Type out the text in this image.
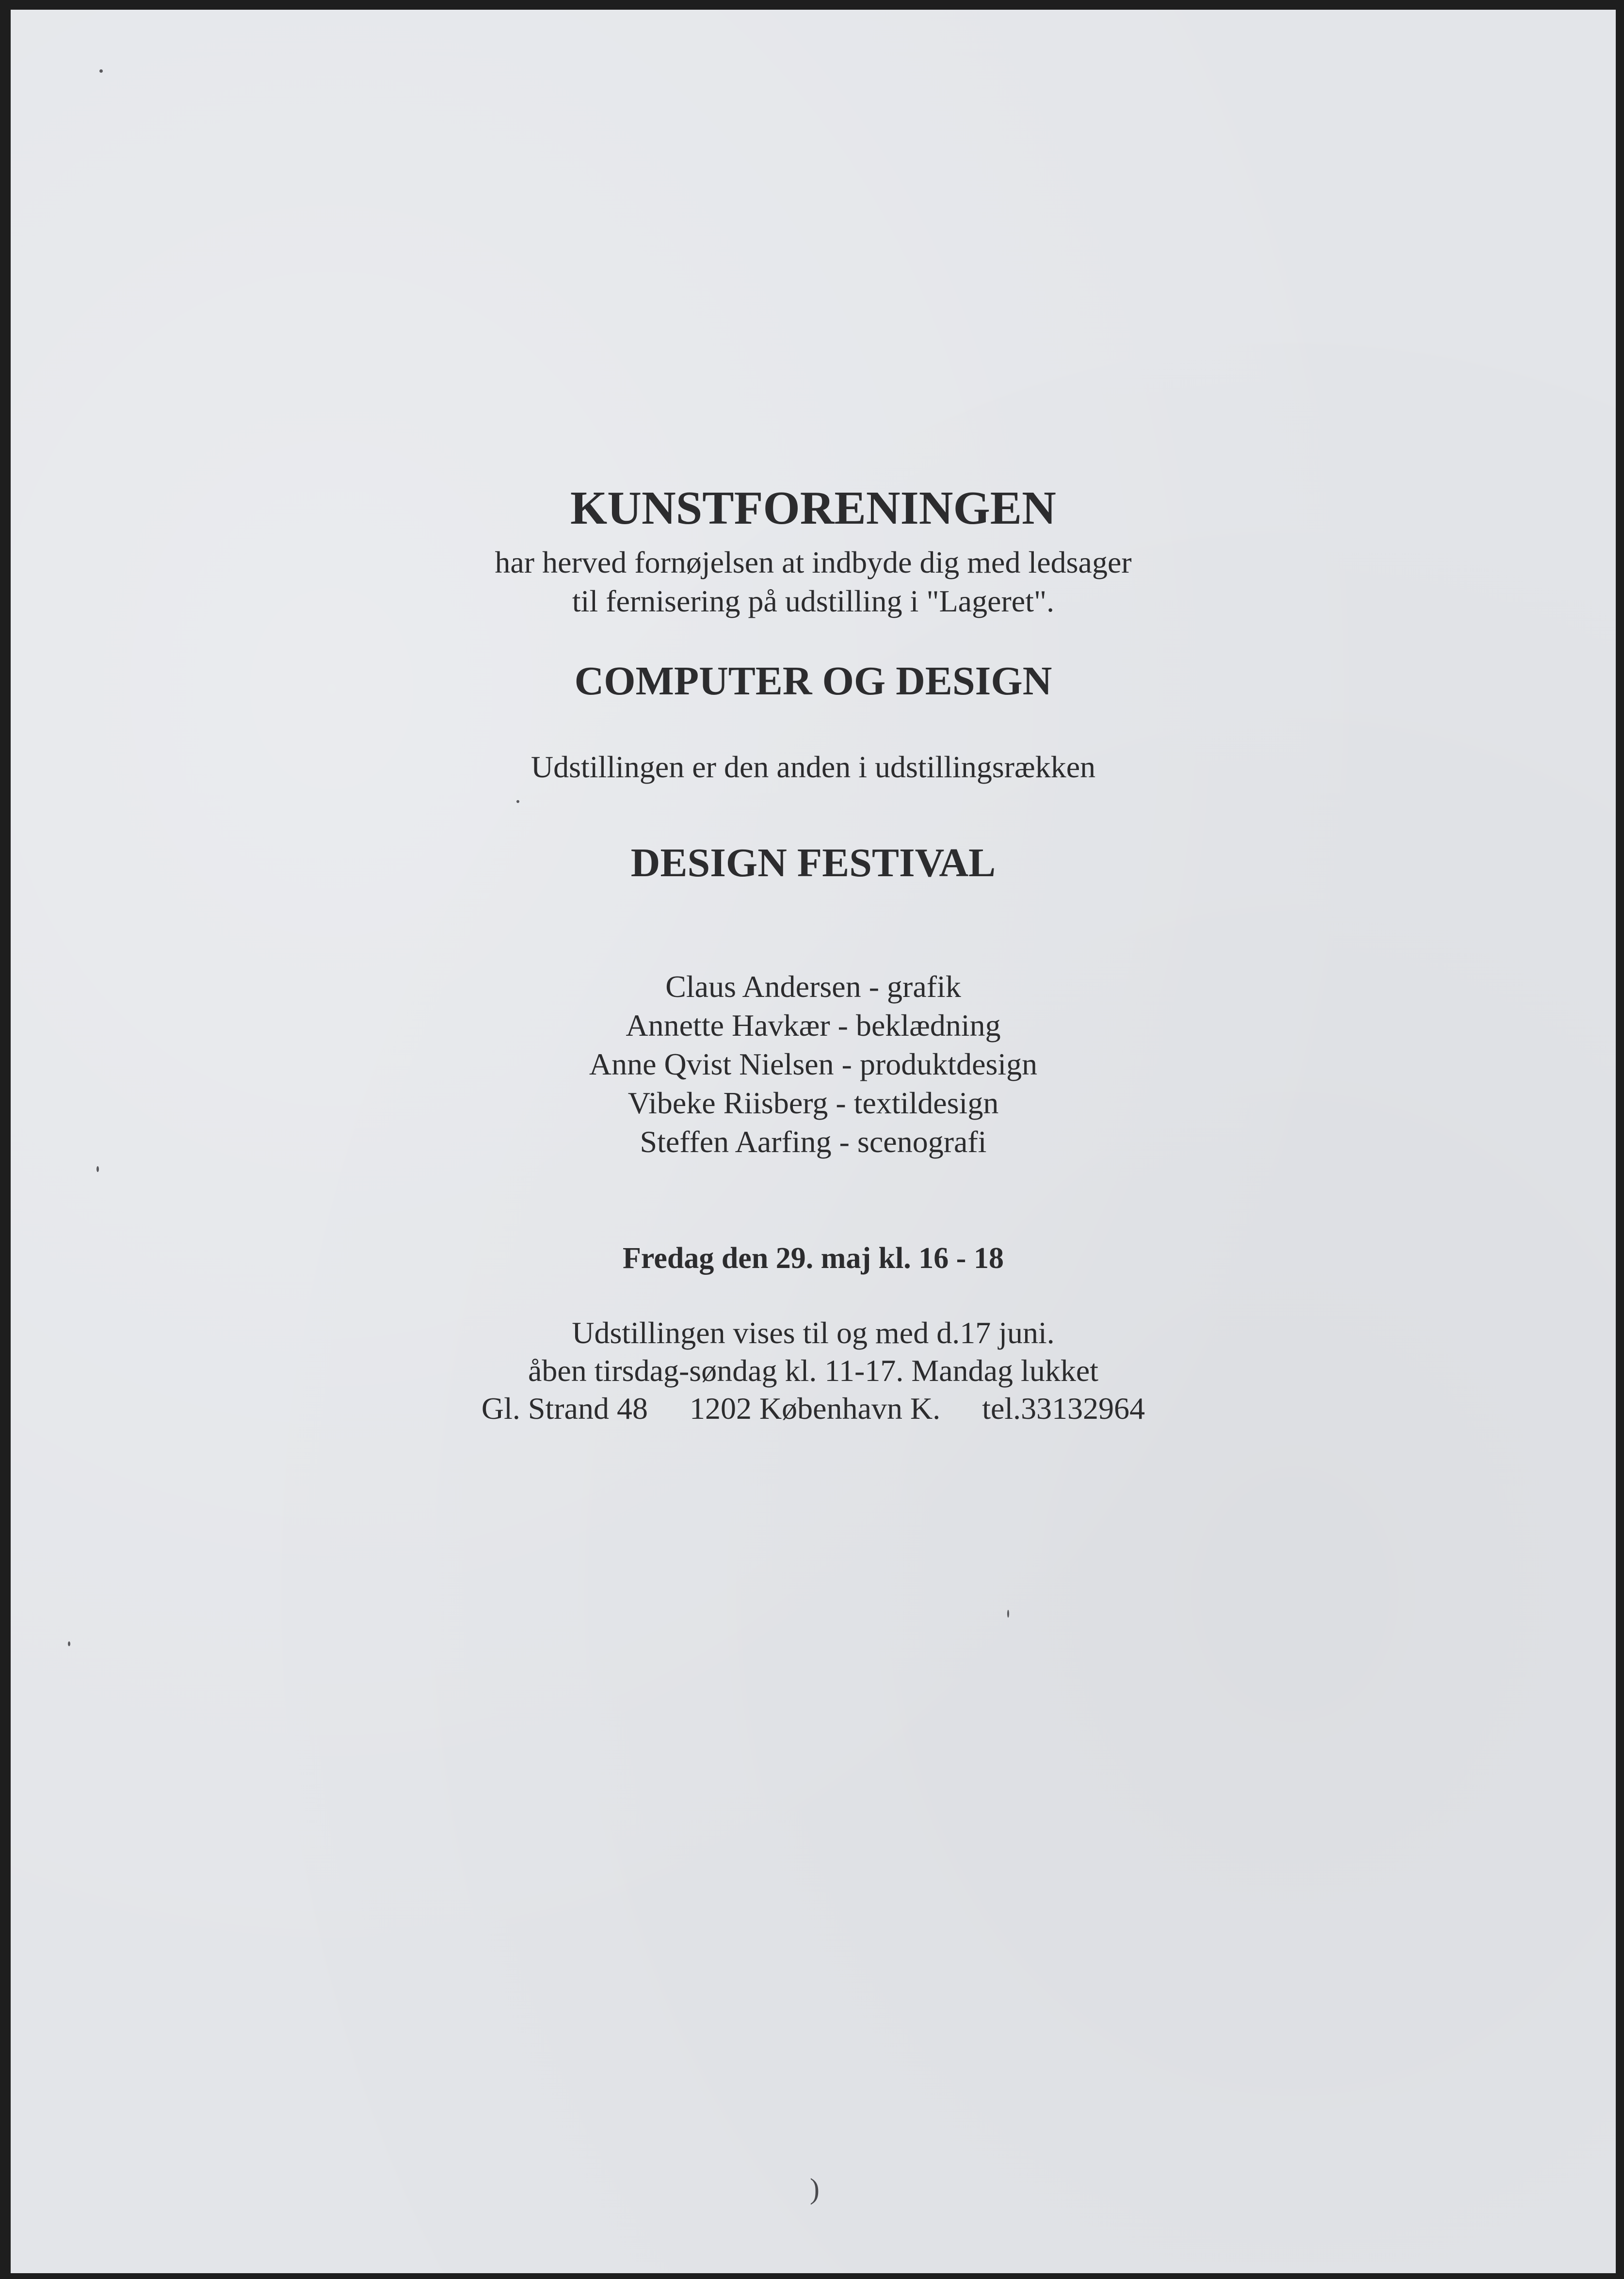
KUNSTFORENINGEN
har herved fornøjelsen at indbyde dig med ledsager
til fernisering på udstilling i "Lageret".
COMPUTER OG DESIGN
Udstillingen er den anden i udstillingsrækken
DESIGN FESTIVAL
Claus Andersen - grafik
Annette Havkær - beklædning
Anne Qvist Nielsen - produktdesign
Vibeke Riisberg - textildesign
Steffen Aarfing - scenografi
Fredag den 29. maj kl. 16 - 18
Udstillingen vises til og med d.17 juni.
åben tirsdag-søndag kl. 11-17. Mandag lukket
Gl. Strand 48 1202 København K. tel.33132964
)
